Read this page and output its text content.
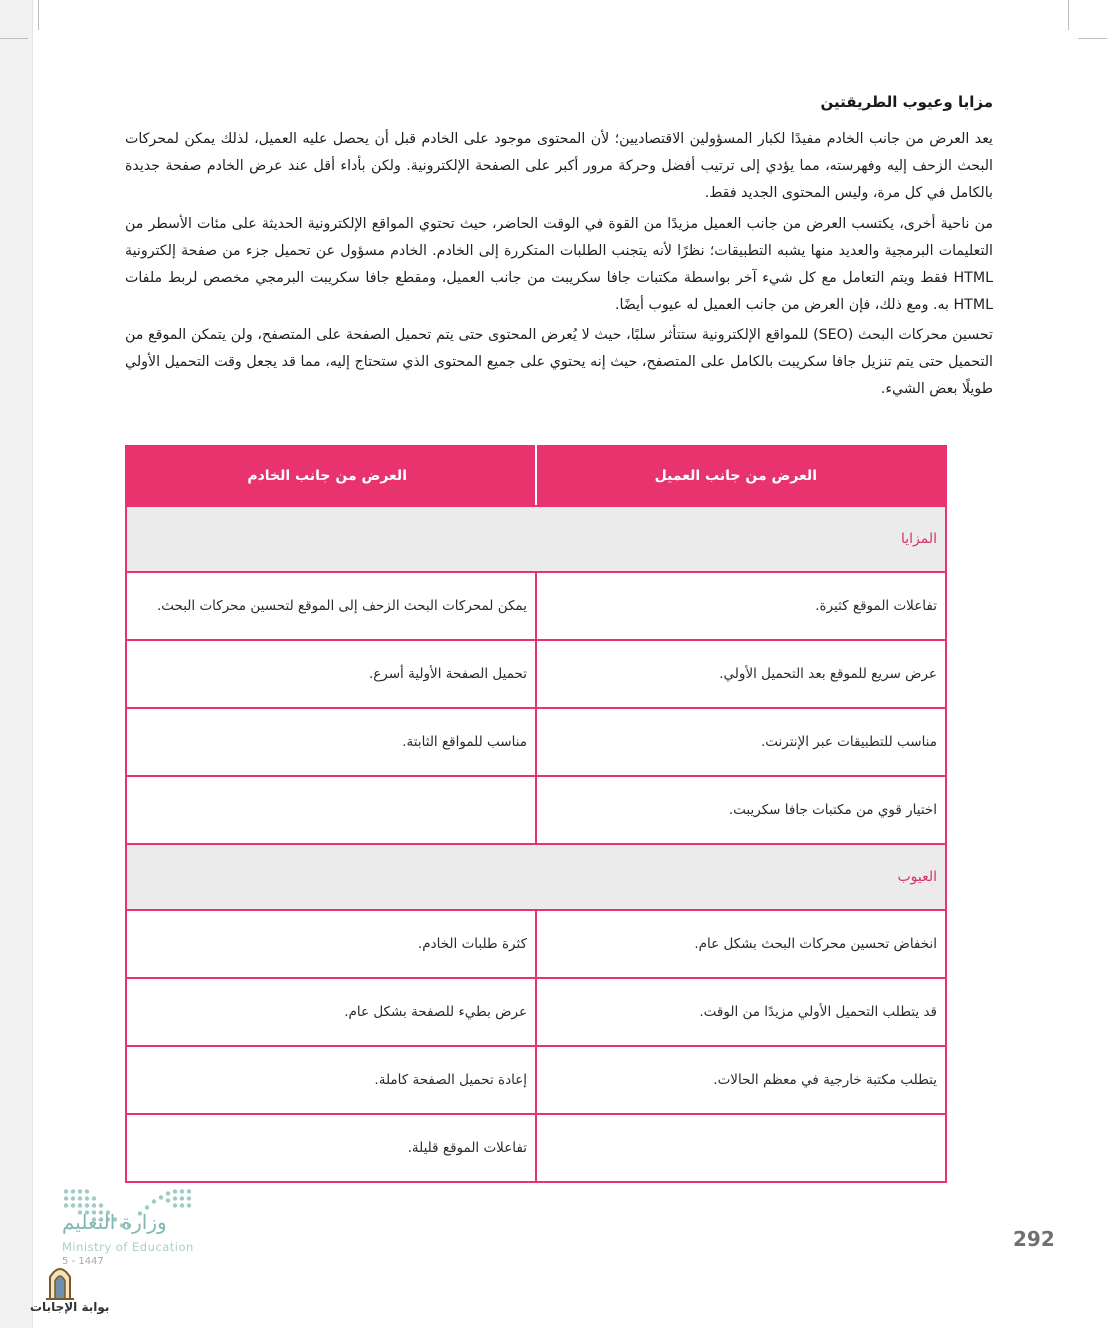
مزايا وعيوب الطريقتين

يعد العرض من جانب الخادم مفيدًا لكبار المسؤولين الاقتصاديين؛ لأن المحتوى موجود على الخادم قبل أن يحصل عليه العميل، لذلك يمكن لمحركات البحث الزحف إليه وفهرسته، مما يؤدي إلى ترتيب أفضل وحركة مرور أكبر على الصفحة الإلكترونية. ولكن بأداء أقل عند عرض الخادم صفحة جديدة بالكامل في كل مرة، وليس المحتوى الجديد فقط.

من ناحية أخرى، يكتسب العرض من جانب العميل مزيدًا من القوة في الوقت الحاضر، حيث تحتوي المواقع الإلكترونية الحديثة على مئات الأسطر من التعليمات البرمجية والعديد منها يشبه التطبيقات؛ نظرًا لأنه يتجنب الطلبات المتكررة إلى الخادم. الخادم مسؤول عن تحميل جزء من صفحة إلكترونية HTML فقط ويتم التعامل مع كل شيء آخر بواسطة مكتبات جافا سكريبت من جانب العميل، ومقطع جافا سكريبت البرمجي مخصص لربط ملفات HTML به. ومع ذلك، فإن العرض من جانب العميل له عيوب أيضًا.

تحسين محركات البحث (SEO) للمواقع الإلكترونية ستتأثر سلبًا، حيث لا يُعرض المحتوى حتى يتم تحميل الصفحة على المتصفح، ولن يتمكن الموقع من التحميل حتى يتم تنزيل جافا سكريبت بالكامل على المتصفح، حيث إنه يحتوي على جميع المحتوى الذي ستحتاج إليه، مما قد يجعل وقت التحميل الأولي طويلًا بعض الشيء.

العرض من جانب العميل	العرض من جانب الخادم
المزايا	
تفاعلات الموقع كثيرة.	يمكن لمحركات البحث الزحف إلى الموقع لتحسين محركات البحث.
عرض سريع للموقع بعد التحميل الأولي.	تحميل الصفحة الأولية أسرع.
مناسب للتطبيقات عبر الإنترنت.	مناسب للمواقع الثابتة.
اختيار قوي من مكتبات جافا سكريبت.	
العيوب	
انخفاض تحسين محركات البحث بشكل عام.	كثرة طلبات الخادم.
قد يتطلب التحميل الأولي مزيدًا من الوقت.	عرض بطيء للصفحة بشكل عام.
يتطلب مكتبة خارجية في معظم الحالات.	إعادة تحميل الصفحة كاملة.
	تفاعلات الموقع قليلة.
وزارة التعليم
Ministry of Education
5 - 1447
292
بوابة الإجابات
